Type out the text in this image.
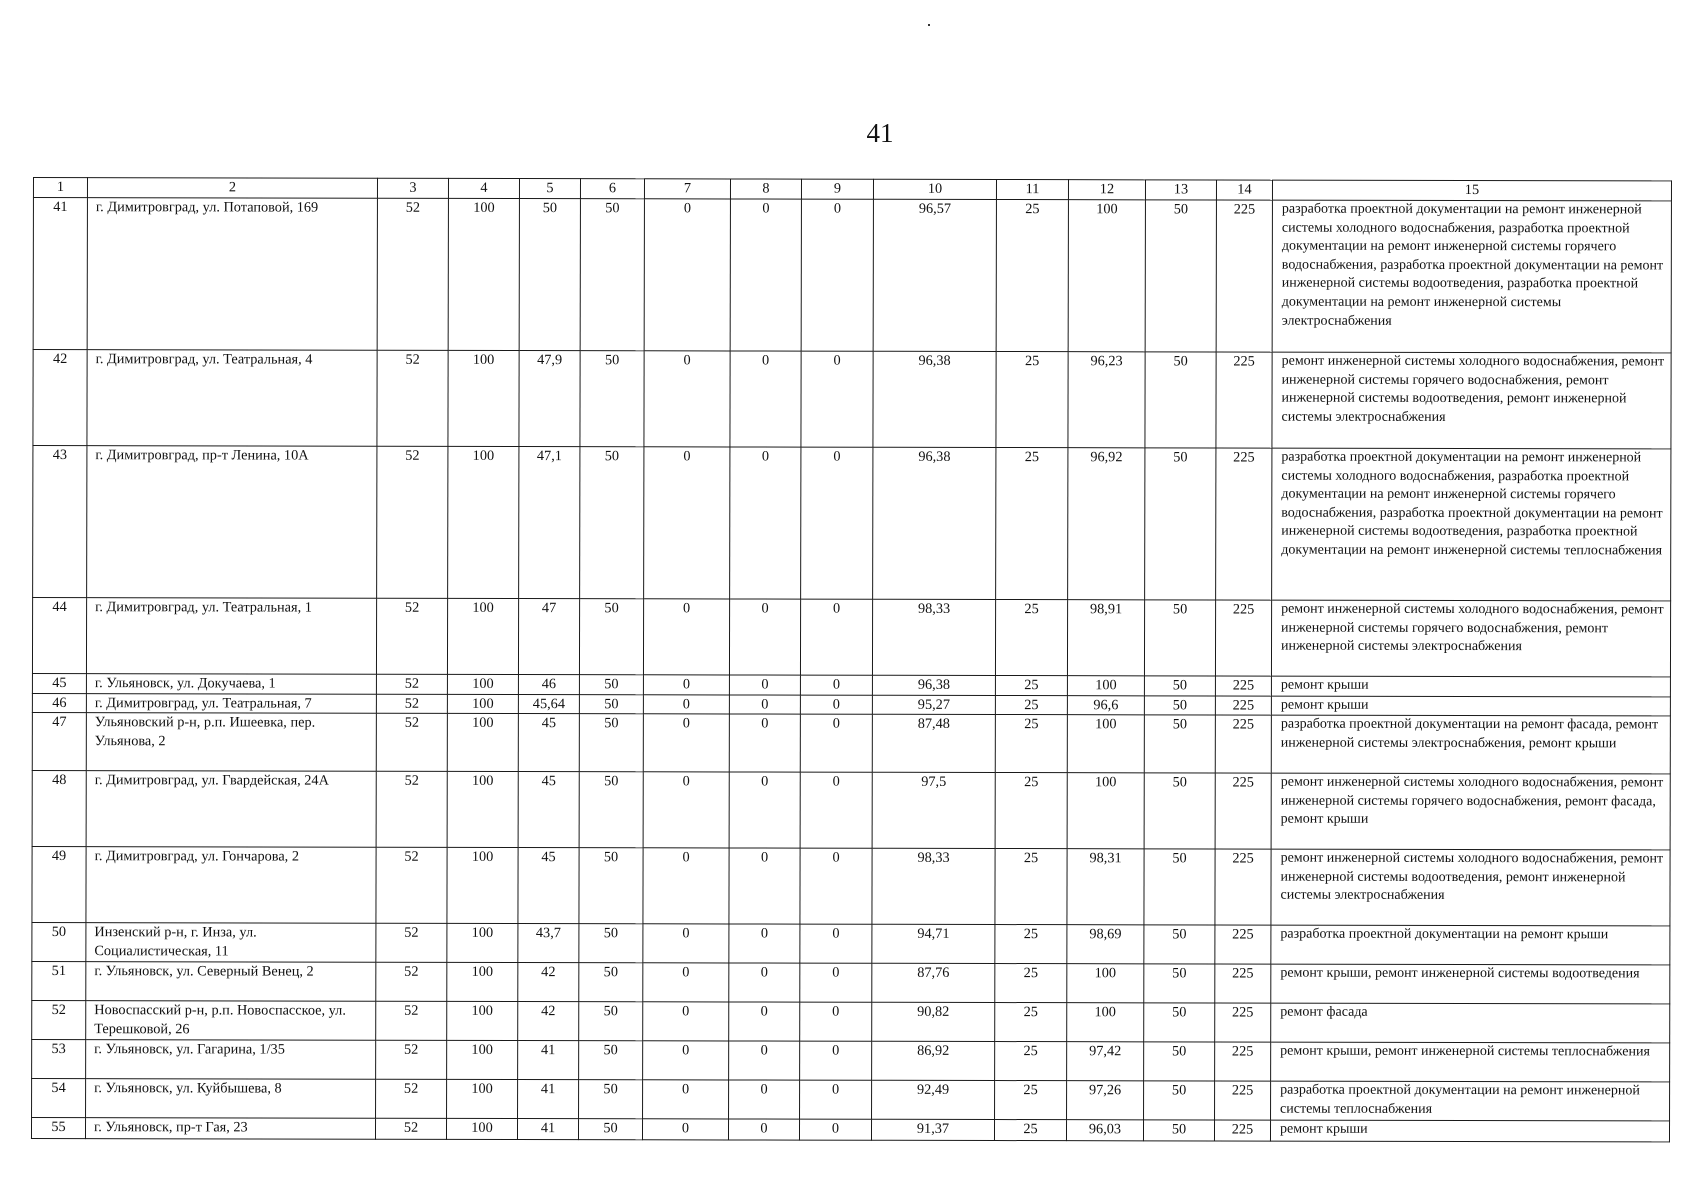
41
1	2	3	4	5	6	7	8	9	10	11	12	13	14	15
41	г. Димитровград, ул. Потаповой, 169	52	100	50	50	0	0	0	96,57	25	100	50	225	разработка проектной документации на ремонт инженерной системы холодного водоснабжения, разработка проектной документации на ремонт инженерной системы горячего водоснабжения, разработка проектной документации на ремонт инженерной системы водоотведения, разработка проектной документации на ремонт инженерной системы электроснабжения
42	г. Димитровград, ул. Театральная, 4	52	100	47,9	50	0	0	0	96,38	25	96,23	50	225	ремонт инженерной системы холодного водоснабжения, ремонт инженерной системы горячего водоснабжения, ремонт инженерной системы водоотведения, ремонт инженерной системы электроснабжения
43	г. Димитровград, пр-т Ленина, 10А	52	100	47,1	50	0	0	0	96,38	25	96,92	50	225	разработка проектной документации на ремонт инженерной системы холодного водоснабжения, разработка проектной документации на ремонт инженерной системы горячего водоснабжения, разработка проектной документации на ремонт инженерной системы водоотведения, разработка проектной документации на ремонт инженерной системы теплоснабжения
44	г. Димитровград, ул. Театральная, 1	52	100	47	50	0	0	0	98,33	25	98,91	50	225	ремонт инженерной системы холодного водоснабжения, ремонт инженерной системы горячего водоснабжения, ремонт инженерной системы электроснабжения
45	г. Ульяновск, ул. Докучаева, 1	52	100	46	50	0	0	0	96,38	25	100	50	225	ремонт крыши
46	г. Димитровград, ул. Театральная, 7	52	100	45,64	50	0	0	0	95,27	25	96,6	50	225	ремонт крыши
47	Ульяновский р-н, р.п. Ишеевка, пер. Ульянова, 2	52	100	45	50	0	0	0	87,48	25	100	50	225	разработка проектной документации на ремонт фасада, ремонт инженерной системы электроснабжения, ремонт крыши
48	г. Димитровград, ул. Гвардейская, 24А	52	100	45	50	0	0	0	97,5	25	100	50	225	ремонт инженерной системы холодного водоснабжения, ремонт инженерной системы горячего водоснабжения, ремонт фасада, ремонт крыши
49	г. Димитровград, ул. Гончарова, 2	52	100	45	50	0	0	0	98,33	25	98,31	50	225	ремонт инженерной системы холодного водоснабжения, ремонт инженерной системы водоотведения, ремонт инженерной системы электроснабжения
50	Инзенский р-н, г. Инза, ул. Социалистическая, 11	52	100	43,7	50	0	0	0	94,71	25	98,69	50	225	разработка проектной документации на ремонт крыши
51	г. Ульяновск, ул. Северный Венец, 2	52	100	42	50	0	0	0	87,76	25	100	50	225	ремонт крыши, ремонт инженерной системы водоотведения
52	Новоспасский р-н, р.п. Новоспасское, ул. Терешковой, 26	52	100	42	50	0	0	0	90,82	25	100	50	225	ремонт фасада
53	г. Ульяновск, ул. Гагарина, 1/35	52	100	41	50	0	0	0	86,92	25	97,42	50	225	ремонт крыши, ремонт инженерной системы теплоснабжения
54	г. Ульяновск, ул. Куйбышева, 8	52	100	41	50	0	0	0	92,49	25	97,26	50	225	разработка проектной документации на ремонт инженерной системы теплоснабжения
55	г. Ульяновск, пр-т Гая, 23	52	100	41	50	0	0	0	91,37	25	96,03	50	225	ремонт крыши
